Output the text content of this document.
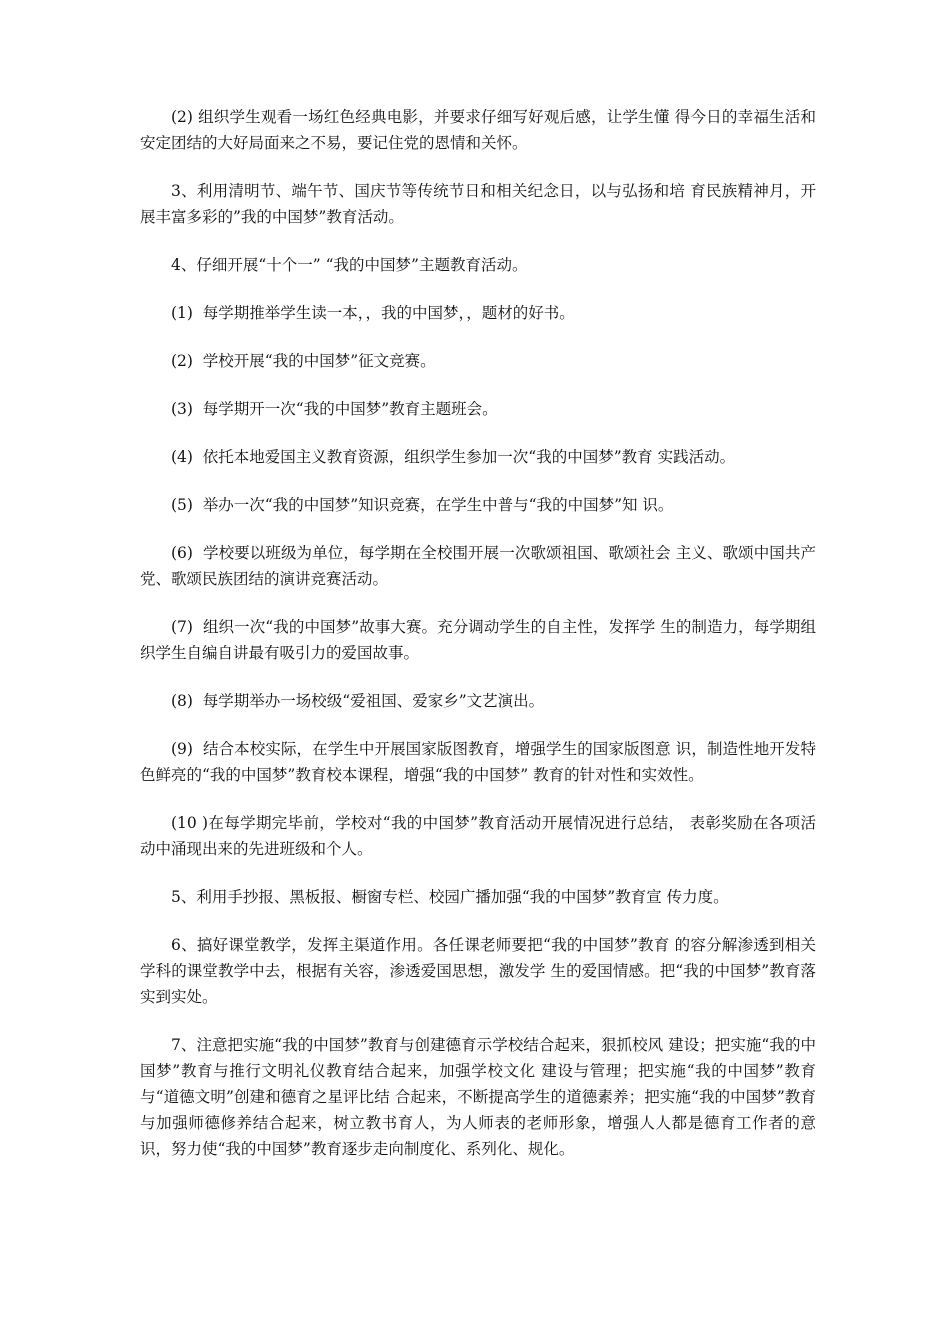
(2) 组织学生观看一场红色经典电影，并要求仔细写好观后感，让学生懂 得今日的幸福生活和安定团结的大好局面来之不易，要记住党的恩情和关怀。

3、利用清明节、端午节、国庆节等传统节日和相关纪念日，以与弘扬和培 育民族精神月，开展丰富多彩的”我的中国梦”教育活动。

4、仔细开展“十个一” “我的中国梦”主题教育活动。

(1)  每学期推举学生读一本，，我的中国梦，，题材的好书。

(2)  学校开展“我的中国梦”征文竞赛。

(3)  每学期开一次“我的中国梦”教育主题班会。

(4)  依托本地爱国主义教育资源，组织学生参加一次“我的中国梦”教育 实践活动。

(5)  举办一次“我的中国梦”知识竞赛，在学生中普与“我的中国梦”知 识。

(6)  学校要以班级为单位，每学期在全校围开展一次歌颂祖国、歌颂社会 主义、歌颂中国共产党、歌颂民族团结的演讲竞赛活动。

(7)  组织一次“我的中国梦”故事大赛。充分调动学生的自主性，发挥学 生的制造力，每学期组织学生自编自讲最有吸引力的爱国故事。

(8)  每学期举办一场校级“爱祖国、爱家乡”文艺演出。

(9)  结合本校实际，在学生中开展国家版图教育，增强学生的国家版图意 识，制造性地开发特色鲜亮的“我的中国梦”教育校本课程，增强“我的中国梦” 教育的针对性和实效性。

(10 )在每学期完毕前，学校对“我的中国梦”教育活动开展情况进行总结， 表彰奖励在各项活动中涌现出来的先进班级和个人。

5、利用手抄报、黑板报、橱窗专栏、校园广播加强“我的中国梦”教育宣 传力度。

6、搞好课堂教学，发挥主渠道作用。各任课老师要把“我的中国梦”教育 的容分解渗透到相关学科的课堂教学中去，根据有关容，渗透爱国思想，激发学 生的爱国情感。把“我的中国梦”教育落实到实处。

7、注意把实施“我的中国梦”教育与创建德育示学校结合起来，狠抓校风 建设；把实施“我的中国梦”教育与推行文明礼仪教育结合起来，加强学校文化 建设与管理；把实施“我的中国梦”教育与“道德文明”创建和德育之星评比结 合起来，不断提高学生的道德素养；把实施“我的中国梦”教育与加强师德修养结合起来，树立教书育人，为人师表的老师形象，增强人人都是德育工作者的意 识，努力使“我的中国梦”教育逐步走向制度化、系列化、规化。
